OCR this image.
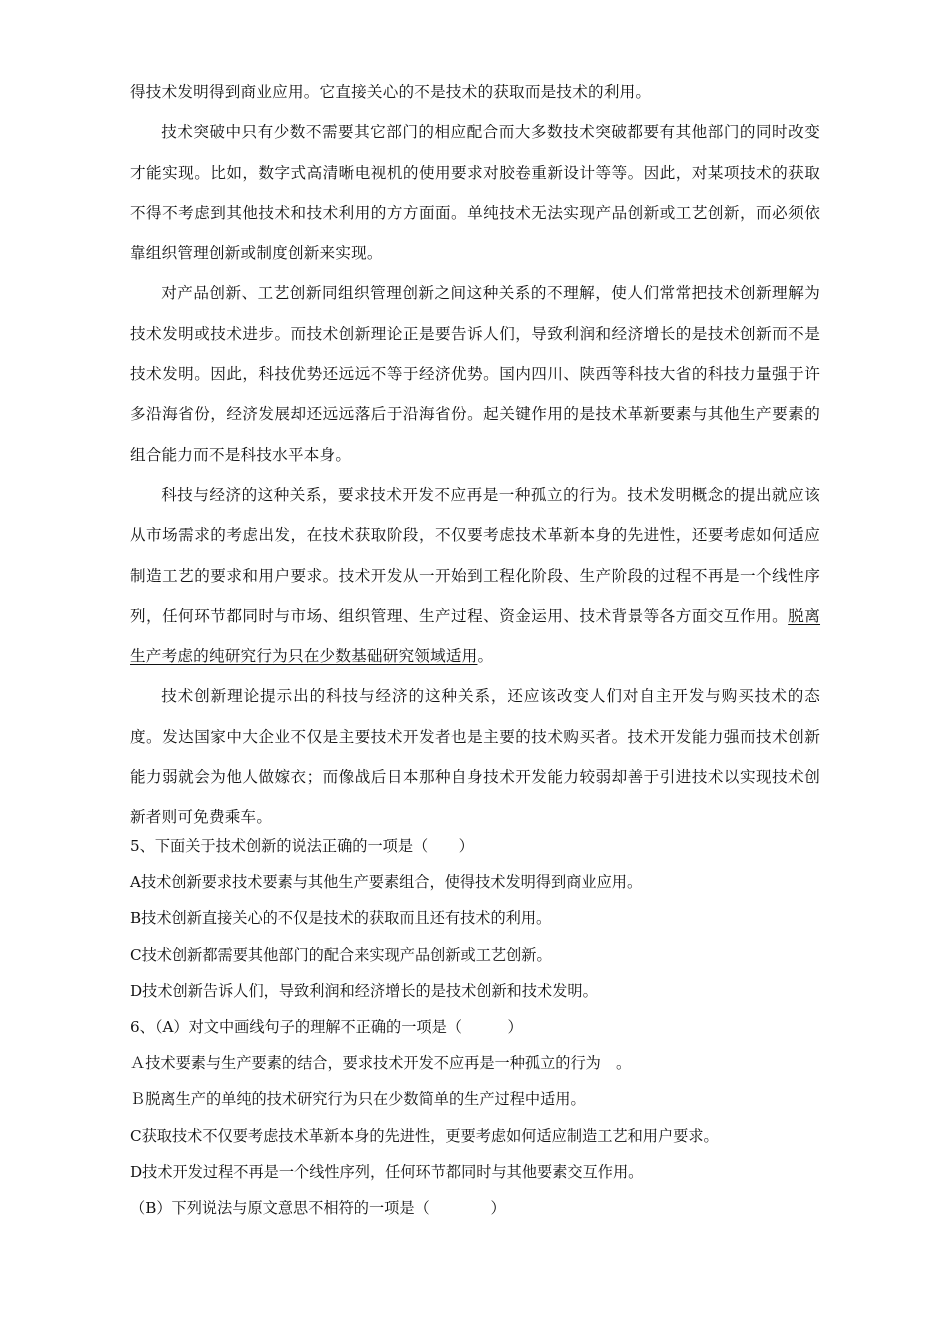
得技术发明得到商业应用。它直接关心的不是技术的获取而是技术的利用。

技术突破中只有少数不需要其它部门的相应配合而大多数技术突破都要有其他部门的同时改变才能实现。比如，数字式高清晰电视机的使用要求对胶卷重新设计等等。因此，对某项技术的获取不得不考虑到其他技术和技术利用的方方面面。单纯技术无法实现产品创新或工艺创新，而必须依靠组织管理创新或制度创新来实现。

对产品创新、工艺创新同组织管理创新之间这种关系的不理解，使人们常常把技术创新理解为技术发明或技术进步。而技术创新理论正是要告诉人们，导致利润和经济增长的是技术创新而不是技术发明。因此，科技优势还远远不等于经济优势。国内四川、陕西等科技大省的科技力量强于许多沿海省份，经济发展却还远远落后于沿海省份。起关键作用的是技术革新要素与其他生产要素的组合能力而不是科技水平本身。

科技与经济的这种关系，要求技术开发不应再是一种孤立的行为。技术发明概念的提出就应该从市场需求的考虑出发，在技术获取阶段，不仅要考虑技术革新本身的先进性，还要考虑如何适应制造工艺的要求和用户要求。技术开发从一开始到工程化阶段、生产阶段的过程不再是一个线性序列，任何环节都同时与市场、组织管理、生产过程、资金运用、技术背景等各方面交互作用。脱离生产考虑的纯研究行为只在少数基础研究领域适用。

技术创新理论提示出的科技与经济的这种关系，还应该改变人们对自主开发与购买技术的态度。发达国家中大企业不仅是主要技术开发者也是主要的技术购买者。技术开发能力强而技术创新能力弱就会为他人做嫁衣；而像战后日本那种自身技术开发能力较弱却善于引进技术以实现技术创新者则可免费乘车。

5、下面关于技术创新的说法正确的一项是（　　）

A技术创新要求技术要素与其他生产要素组合，使得技术发明得到商业应用。

B技术创新直接关心的不仅是技术的获取而且还有技术的利用。

C技术创新都需要其他部门的配合来实现产品创新或工艺创新。

D技术创新告诉人们，导致利润和经济增长的是技术创新和技术发明。

6、（A）对文中画线句子的理解不正确的一项是（　　　）

Ａ技术要素与生产要素的结合，要求技术开发不应再是一种孤立的行为　。

Ｂ脱离生产的单纯的技术研究行为只在少数简单的生产过程中适用。

C获取技术不仅要考虑技术革新本身的先进性，更要考虑如何适应制造工艺和用户要求。

D技术开发过程不再是一个线性序列，任何环节都同时与其他要素交互作用。

（B）下列说法与原文意思不相符的一项是（　　　　）
